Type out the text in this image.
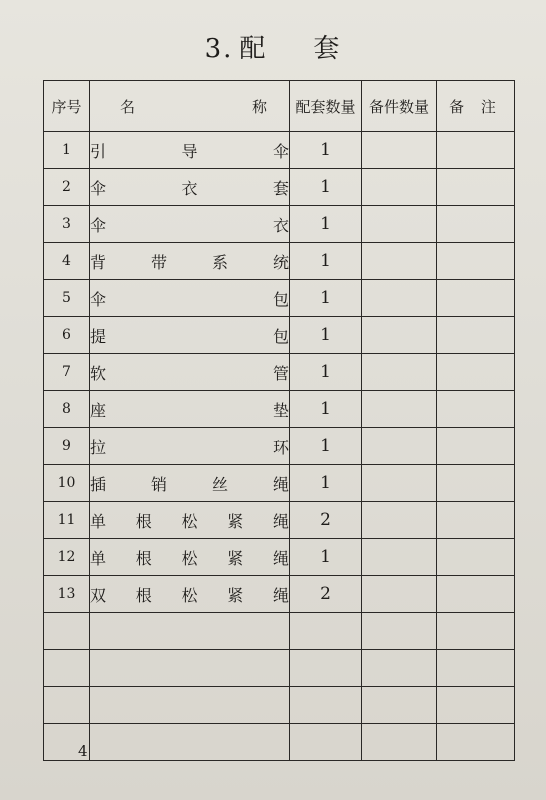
3. 配 套
序号	名 称	配套数量	备件数量	备 注
1	引 导 伞	1		
2	伞 衣 套	1		
3	伞 衣	1		
4	背 带 系 统	1		
5	伞 包	1		
6	提 包	1		
7	软 管	1		
8	座 垫	1		
9	拉 环	1		
10	插 销 丝 绳	1		
11	单 根 松 紧 绳	2		
12	单 根 松 紧 绳	1		
13	双 根 松 紧 绳	2		

4
